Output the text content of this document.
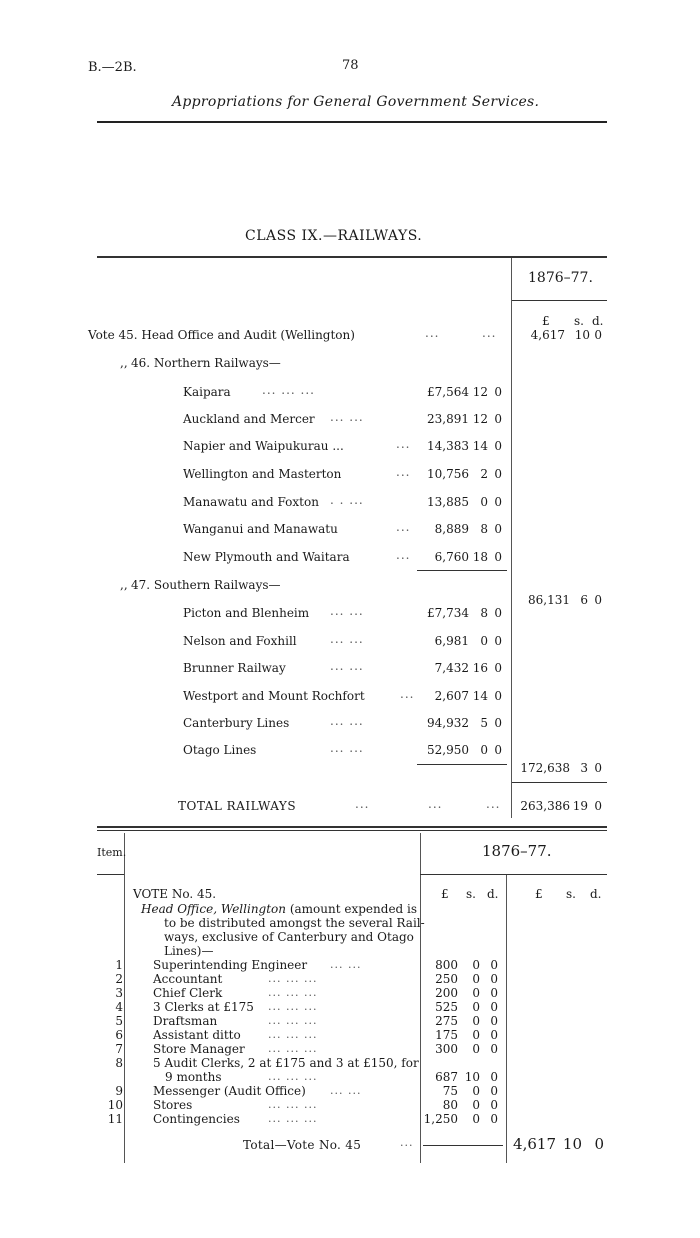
B.—2B.	78
Appropriations for General Government Services.
CLASS IX.—RAILWAYS.
1876–77.
£ s. d.
Vote 45. Head Office and Audit (Wellington)	...	...	4,617 10 0
,, 46. Northern Railways—
Kaipara	... ... ...	£7,564 12 0
Auckland and Mercer ... ...	23,891 12 0
Napier and Waipukurau ...	...	14,383 14 0
Wellington and Masterton	...	10,756 2 0
Manawatu and Foxton . . ...	13,885 0 0
Wanganui and Manawatu	...	8,889 8 0
New Plymouth and Waitara	...	6,760 18 0
,, 47. Southern Railways—
86,131 6 0
Picton and Blenheim ... ...	£7,734 8 0
Nelson and Foxhill	... ...	6,981 0 0
Brunner Railway	... ...	7,432 16 0
Westport and Mount Rochfort	...	2,607 14 0
Canterbury Lines	... ...	94,932 5 0
Otago Lines	... ...	52,950 0 0
172,638 3 0
TOTAL RAILWAYS	...	...	...	263,386 19 0
Item.	1876–77.
£ s. d.	£ s. d.
VOTE No. 45.
Head Office, Wellington (amount expended is
to be distributed amongst the several Rail-
ways, exclusive of Canterbury and Otago
Lines)—
1	Superintending Engineer ... ...	800	0 0
2	Accountant	... ... ...	250	0 0
3	Chief Clerk	... ... ...	200	0 0
4	3 Clerks at £175 ... ... ...	525	0 0
5	Draftsman	... ... ...	275	0 0
6	Assistant ditto ... ... ...	175	0 0
7	Store Manager ... ... ...	300	0 0
8	5 Audit Clerks, 2 at £175 and 3 at £150, for
9 months	... ... ...	687 10 0
9	Messenger (Audit Office) ... ...	75	0 0
10	Stores	... ... ...	80	0 0
11	Contingencies	... ... ...	1,250	0 0
Total—Vote No. 45	...	4,617 10 0
